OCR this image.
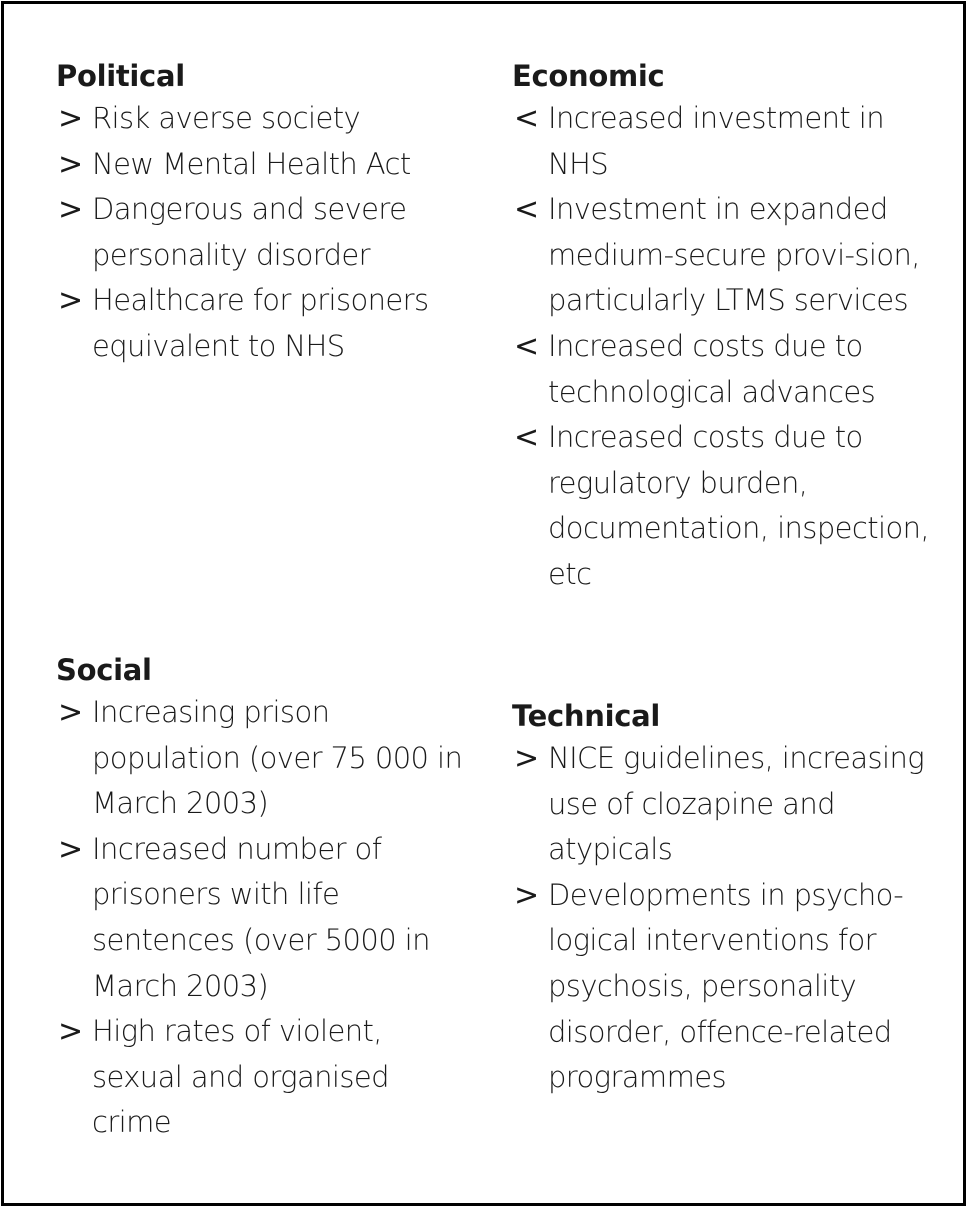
Political
> Risk averse society
> New Mental Health Act
> Dangerous and severe personality disorder
> Healthcare for prisoners equivalent to NHS
Economic
< Increased investment in NHS
< Investment in expanded medium-secure provi-sion, particularly LTMS services
< Increased costs due to technological advances
< Increased costs due to regulatory burden, documentation, inspection, etc
Social
> Increasing prison population (over 75 000 in March 2003)
> Increased number of prisoners with life sentences (over 5000 in March 2003)
> High rates of violent, sexual and organised crime
Technical
> NICE guidelines, increasing use of clozapine and atypicals
> Developments in psycho-logical interventions for psychosis, personality disorder, offence-related programmes
